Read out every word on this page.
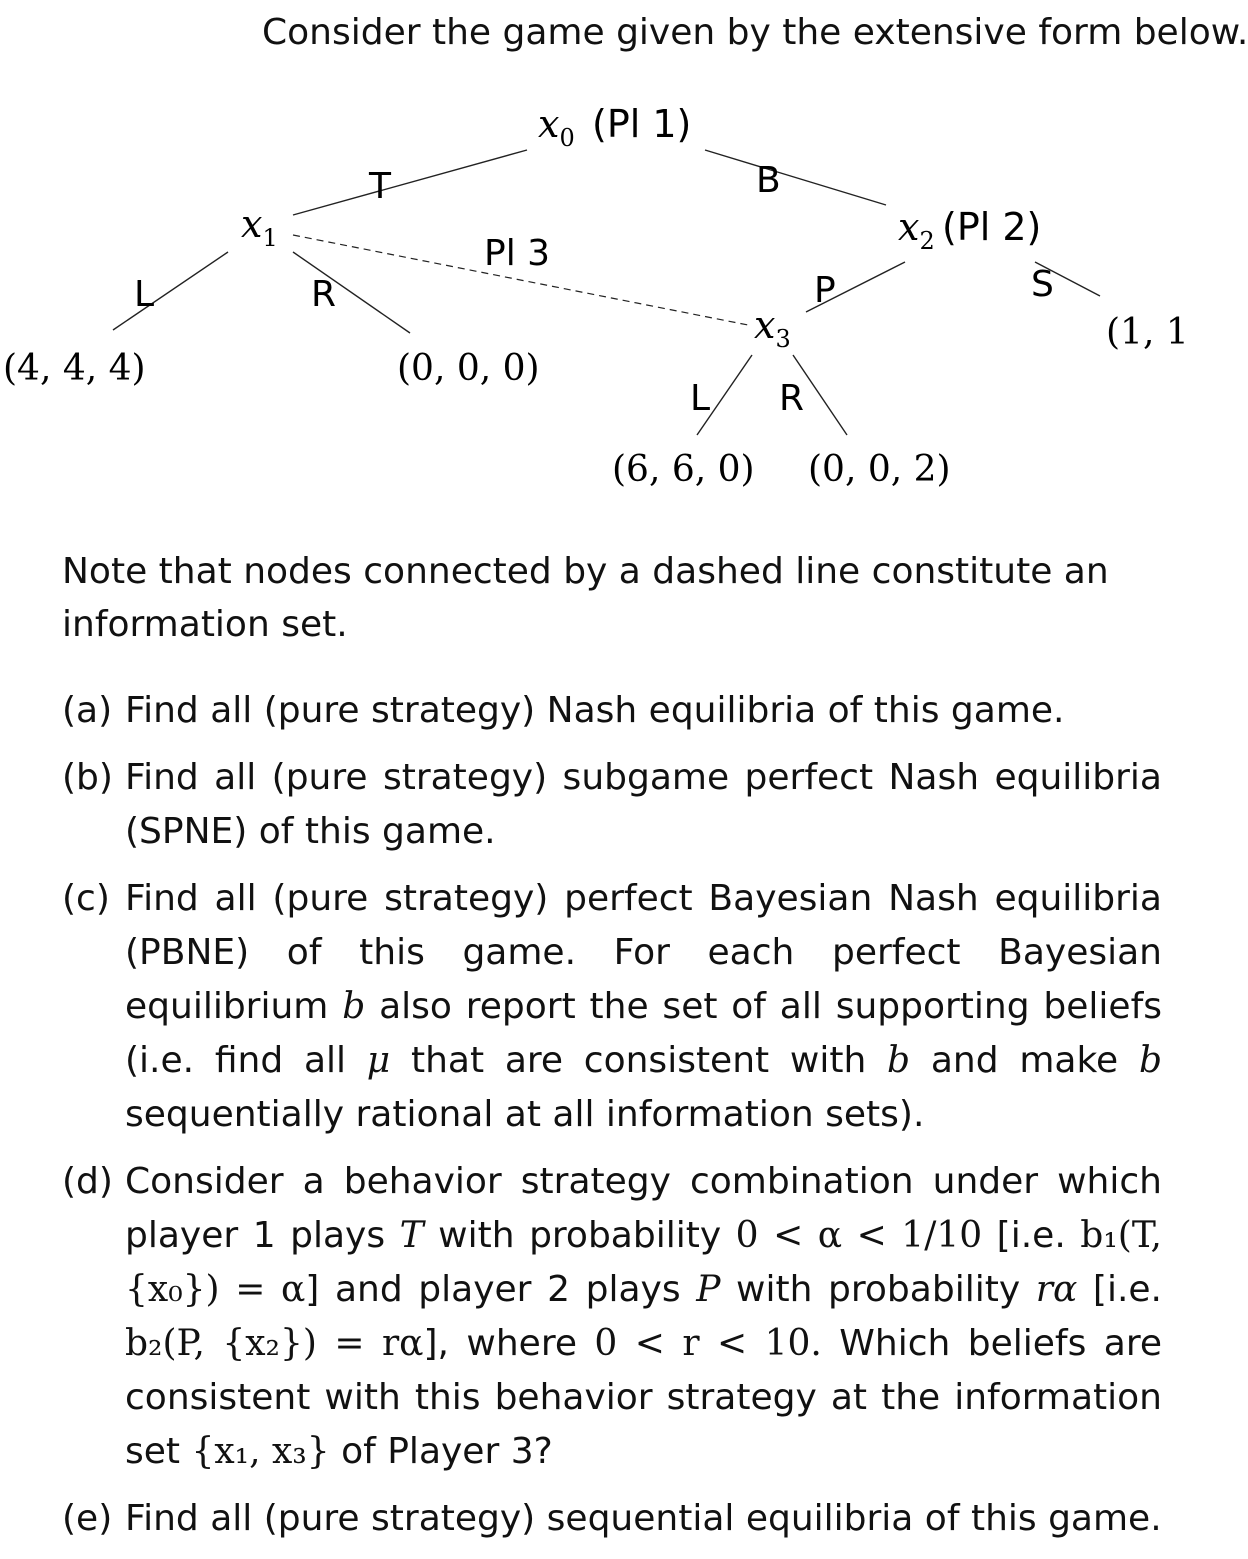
Consider the game given by the extensive form below.
$x_0$ (Pl 1)
$x_1$	$x_2$ (Pl 2)
$x_3$
T	B
L	R	P	S
L R
Pl 3
(4, 4, 4)	(0, 0, 0)
(1, 1
(6, 6, 0) (0, 0, 2)
Note that nodes connected by a dashed line constitute an information set.
(a) Find all (pure strategy) Nash equilibria of this game.
(b) Find all (pure strategy) subgame perfect Nash equilibria (SPNE) of this game.
(c) Find all (pure strategy) perfect Bayesian Nash equilibria (PBNE) of this game. For each perfect Bayesian equilibrium b also report the set of all supporting beliefs (i.e. find all μ that are consistent with b and make b sequentially rational at all information sets).
(d) Consider a behavior strategy combination under which player 1 plays T with probability 0 < α < 1/10 [i.e. b₁(T, {x₀}) = α] and player 2 plays P with probability rα [i.e. b₂(P, {x₂}) = rα], where 0 < r < 10. Which beliefs are consistent with this behavior strategy at the information set {x₁, x₃} of Player 3?
(e) Find all (pure strategy) sequential equilibria of this game.
